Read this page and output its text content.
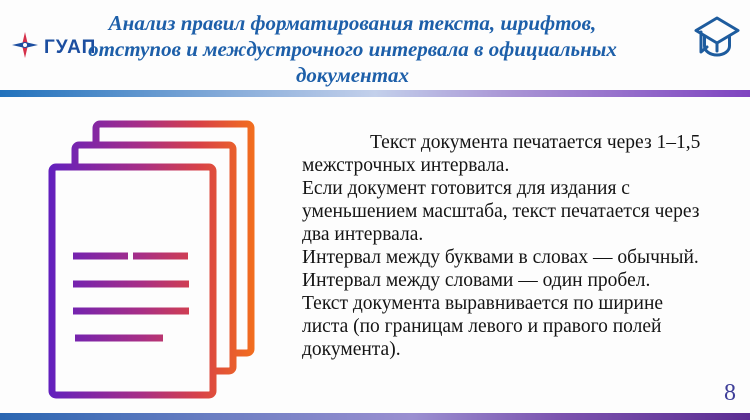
ГУАП
Анализ правил форматирования текста, шрифтов,
отступов и междустрочного интервала в официальных
документах
Текст документа печатается через 1–1,5
межстрочных интервала.
Если документ готовится для издания с
уменьшением масштаба, текст печатается через
два интервала.
Интервал между буквами в словах — обычный.
Интервал между словами — один пробел.
Текст документа выравнивается по ширине
листа (по границам левого и правого полей
документа).
8
